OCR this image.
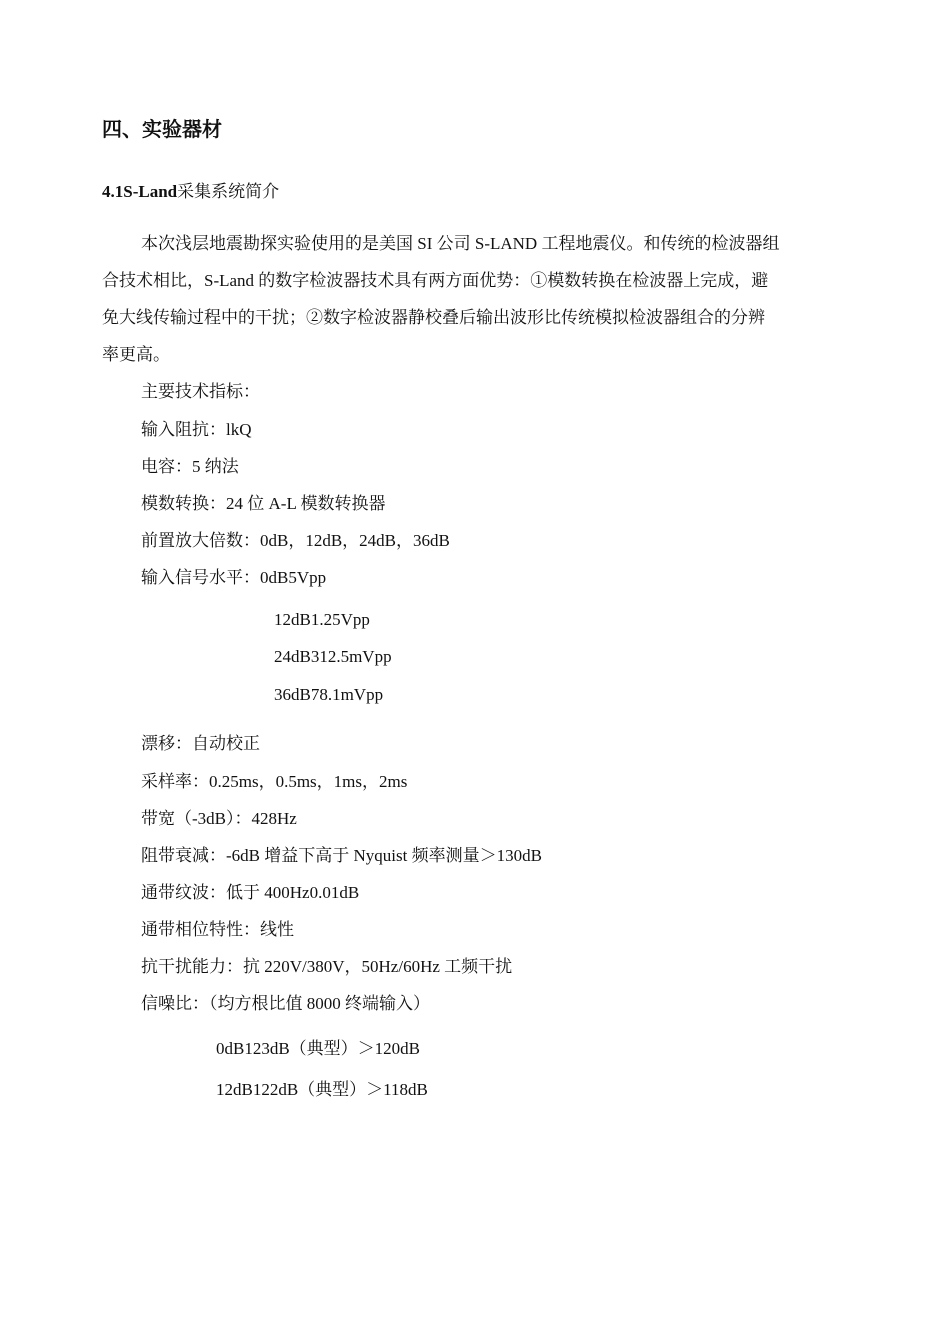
四、实验器材
4.1S-Land采集系统简介
本次浅层地震勘探实验使用的是美国 SI 公司 S-LAND 工程地震仪。和传统的检波器组
合技术相比，S-Land 的数字检波器技术具有两方面优势：①模数转换在检波器上完成，避
免大线传输过程中的干扰；②数字检波器静校叠后输出波形比传统模拟检波器组合的分辨
率更高。
主要技术指标：
输入阻抗：lkQ
电容：5 纳法
模数转换：24 位 A-L 模数转换器
前置放大倍数：0dB，12dB，24dB，36dB
输入信号水平：0dB5Vpp
12dB1.25Vpp
24dB312.5mVpp
36dB78.1mVpp
漂移：自动校正
采样率：0.25ms，0.5ms，1ms，2ms
带宽（-3dB）：428Hz
阻带衰减：-6dB 增益下高于 Nyquist 频率测量＞130dB
通带纹波：低于 400Hz0.01dB
通带相位特性：线性
抗干扰能力：抗 220V/380V，50Hz/60Hz 工频干扰
信噪比：（均方根比值 8000 终端输入）
0dB123dB（典型）＞120dB
12dB122dB（典型）＞118dB
